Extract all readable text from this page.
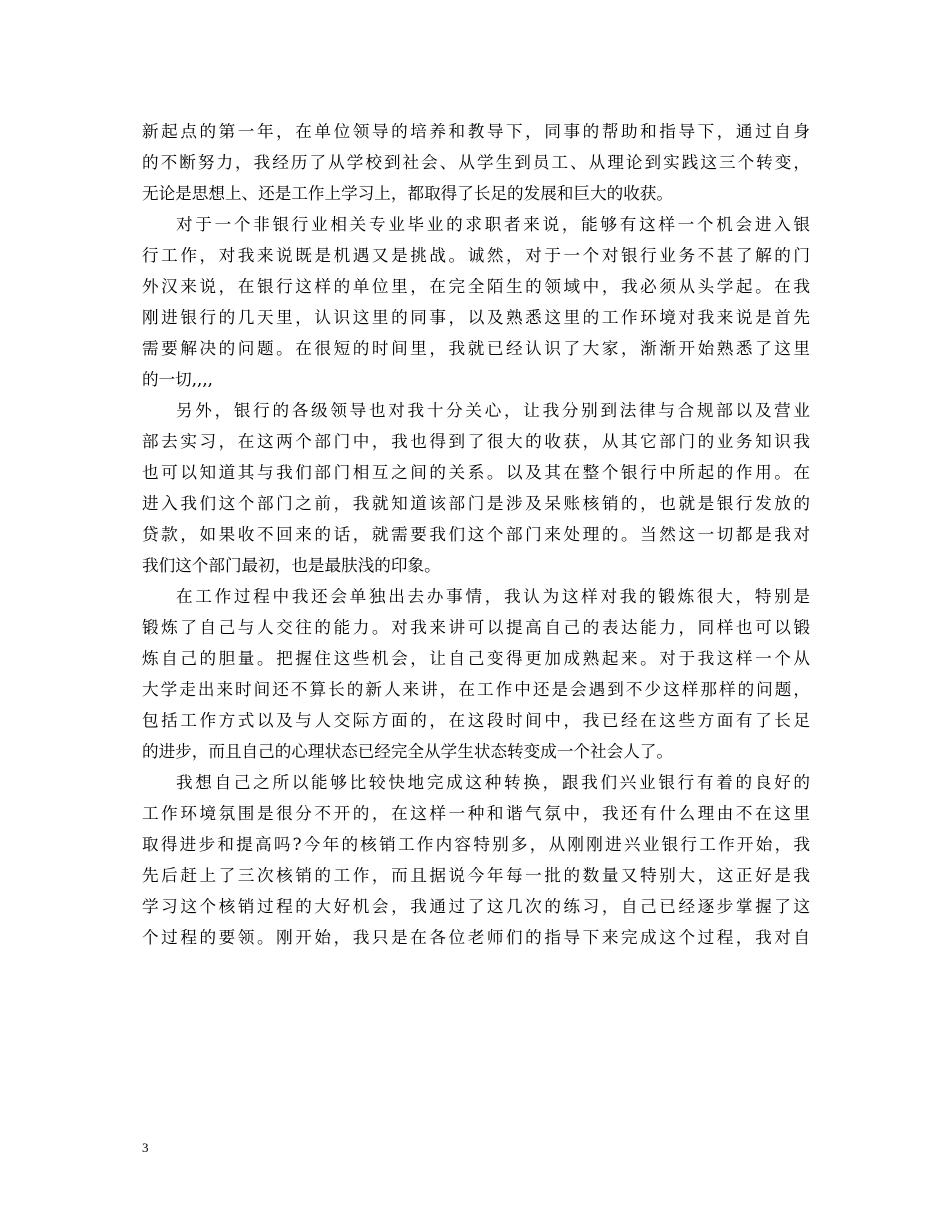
新起点的第一年，在单位领导的培养和教导下，同事的帮助和指导下，通过自身
的不断努力，我经历了从学校到社会、从学生到员工、从理论到实践这三个转变，
无论是思想上、还是工作上学习上，都取得了长足的发展和巨大的收获。
对于一个非银行业相关专业毕业的求职者来说，能够有这样一个机会进入银
行工作，对我来说既是机遇又是挑战。诚然，对于一个对银行业务不甚了解的门
外汉来说，在银行这样的单位里，在完全陌生的领域中，我必须从头学起。在我
刚进银行的几天里，认识这里的同事，以及熟悉这里的工作环境对我来说是首先
需要解决的问题。在很短的时间里，我就已经认识了大家，渐渐开始熟悉了这里
的一切,,,,
另外，银行的各级领导也对我十分关心，让我分别到法律与合规部以及营业
部去实习，在这两个部门中，我也得到了很大的收获，从其它部门的业务知识我
也可以知道其与我们部门相互之间的关系。以及其在整个银行中所起的作用。在
进入我们这个部门之前，我就知道该部门是涉及呆账核销的，也就是银行发放的
贷款，如果收不回来的话，就需要我们这个部门来处理的。当然这一切都是我对
我们这个部门最初，也是最肤浅的印象。
在工作过程中我还会单独出去办事情，我认为这样对我的锻炼很大，特别是
锻炼了自己与人交往的能力。对我来讲可以提高自己的表达能力，同样也可以锻
炼自己的胆量。把握住这些机会，让自己变得更加成熟起来。对于我这样一个从
大学走出来时间还不算长的新人来讲，在工作中还是会遇到不少这样那样的问题，
包括工作方式以及与人交际方面的，在这段时间中，我已经在这些方面有了长足
的进步，而且自己的心理状态已经完全从学生状态转变成一个社会人了。
我想自己之所以能够比较快地完成这种转换，跟我们兴业银行有着的良好的
工作环境氛围是很分不开的，在这样一种和谐气氛中，我还有什么理由不在这里
取得进步和提高吗?今年的核销工作内容特别多，从刚刚进兴业银行工作开始，我
先后赶上了三次核销的工作，而且据说今年每一批的数量又特别大，这正好是我
学习这个核销过程的大好机会，我通过了这几次的练习，自己已经逐步掌握了这
个过程的要领。刚开始，我只是在各位老师们的指导下来完成这个过程，我对自
3
